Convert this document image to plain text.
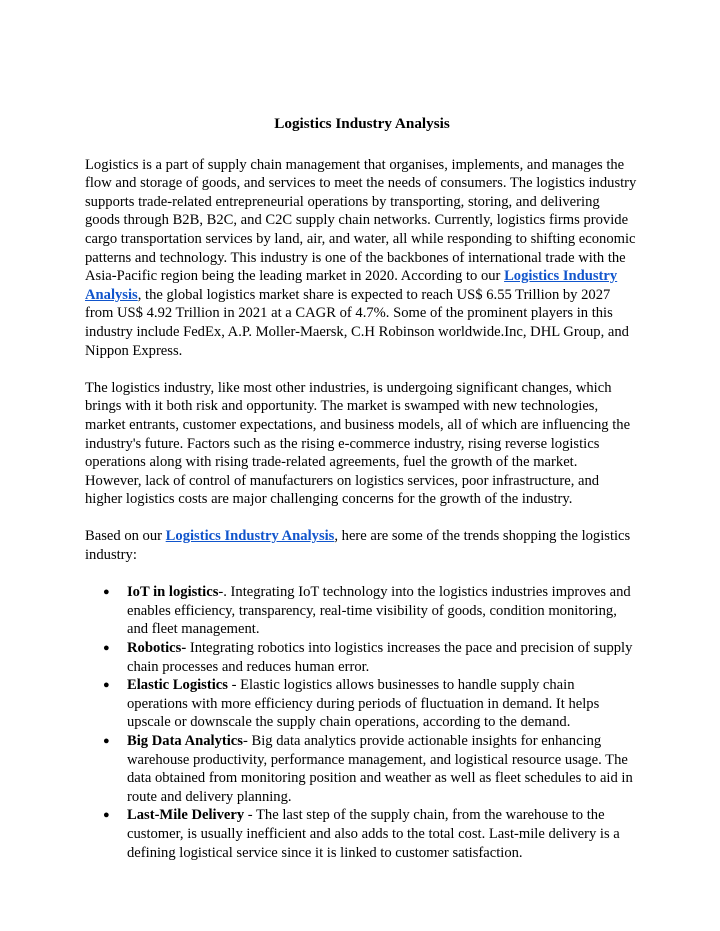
Logistics Industry Analysis

Logistics is a part of supply chain management that organises, implements, and manages the flow and storage of goods, and services to meet the needs of consumers. The logistics industry supports trade-related entrepreneurial operations by transporting, storing, and delivering goods through B2B, B2C, and C2C supply chain networks. Currently, logistics firms provide cargo transportation services by land, air, and water, all while responding to shifting economic patterns and technology. This industry is one of the backbones of international trade with the Asia-Pacific region being the leading market in 2020. According to our Logistics Industry Analysis, the global logistics market share is expected to reach US$ 6.55 Trillion by 2027 from US$ 4.92 Trillion in 2021 at a CAGR of 4.7%. Some of the prominent players in this industry include FedEx, A.P. Moller-Maersk, C.H Robinson worldwide.Inc, DHL Group, and Nippon Express.

The logistics industry, like most other industries, is undergoing significant changes, which brings with it both risk and opportunity. The market is swamped with new technologies, market entrants, customer expectations, and business models, all of which are influencing the industry's future. Factors such as the rising e-commerce industry, rising reverse logistics operations along with rising trade-related agreements, fuel the growth of the market. However, lack of control of manufacturers on logistics services, poor infrastructure, and higher logistics costs are major challenging concerns for the growth of the industry.

Based on our Logistics Industry Analysis, here are some of the trends shopping the logistics industry:

● IoT in logistics-. Integrating IoT technology into the logistics industries improves and enables efficiency, transparency, real-time visibility of goods, condition monitoring, and fleet management.
● Robotics- Integrating robotics into logistics increases the pace and precision of supply chain processes and reduces human error.
● Elastic Logistics - Elastic logistics allows businesses to handle supply chain operations with more efficiency during periods of fluctuation in demand. It helps upscale or downscale the supply chain operations, according to the demand.
● Big Data Analytics- Big data analytics provide actionable insights for enhancing warehouse productivity, performance management, and logistical resource usage. The data obtained from monitoring position and weather as well as fleet schedules to aid in route and delivery planning.
● Last-Mile Delivery - The last step of the supply chain, from the warehouse to the customer, is usually inefficient and also adds to the total cost. Last-mile delivery is a defining logistical service since it is linked to customer satisfaction.
